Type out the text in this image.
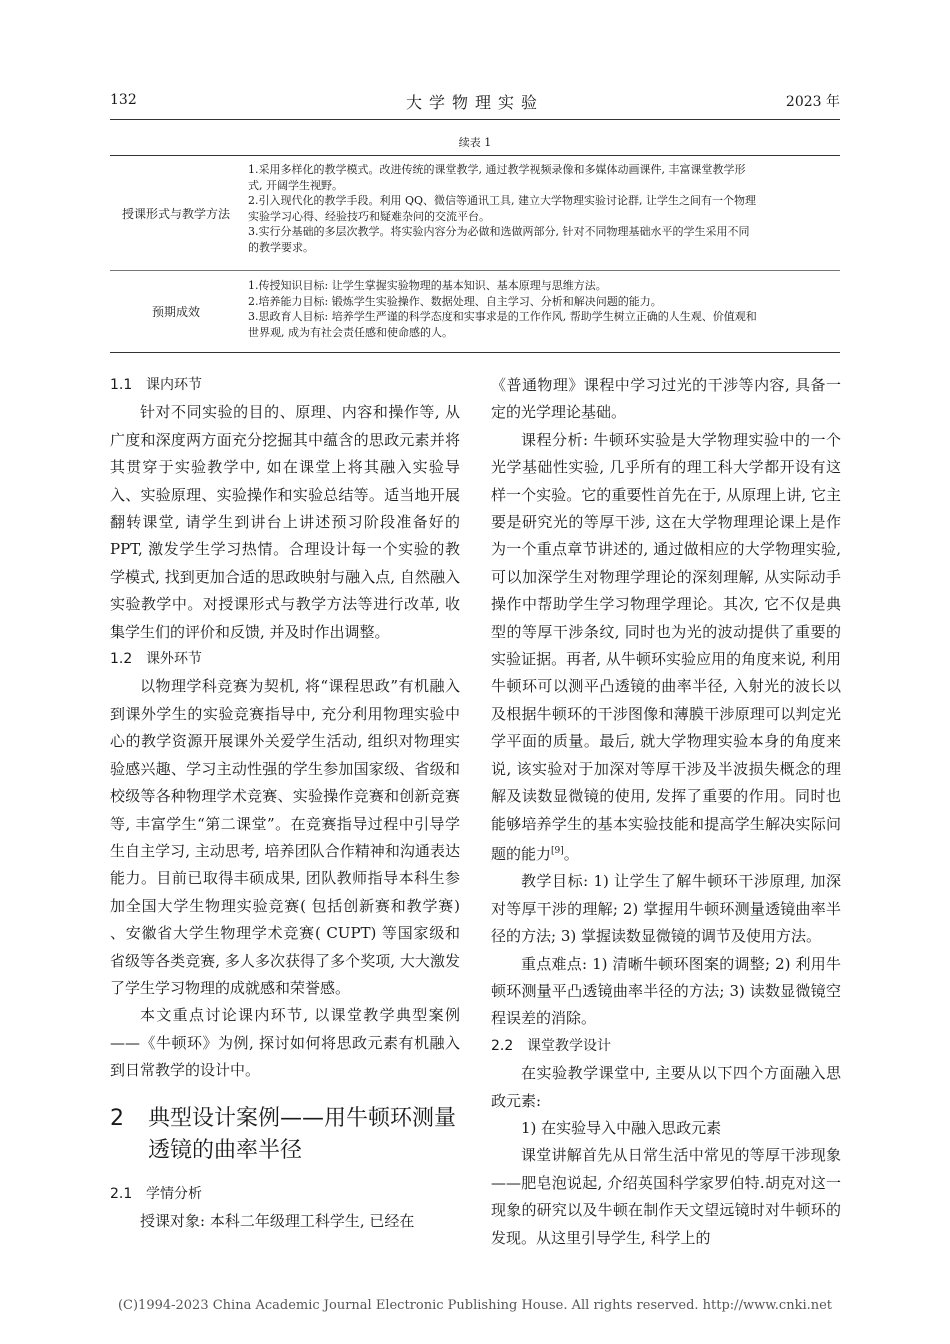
132	大学物理实验	2023 年
续表 1
授课形式与教学方法
1.采用多样化的教学模式。改进传统的课堂教学, 通过教学视频录像和多媒体动画课件, 丰富课堂教学形
式, 开阔学生视野。
2.引入现代化的教学手段。利用 QQ、微信等通讯工具, 建立大学物理实验讨论群, 让学生之间有一个物理
实验学习心得、经验技巧和疑难杂问的交流平台。
3.实行分基础的多层次教学。将实验内容分为必做和选做两部分, 针对不同物理基础水平的学生采用不同
的教学要求。
预期成效
1.传授知识目标: 让学生掌握实验物理的基本知识、基本原理与思维方法。
2.培养能力目标: 锻炼学生实验操作、数据处理、自主学习、分析和解决问题的能力。
3.思政育人目标: 培养学生严谨的科学态度和实事求是的工作作风, 帮助学生树立正确的人生观、价值观和
世界观, 成为有社会责任感和使命感的人。
1.1 课内环节

针对不同实验的目的、原理、内容和操作等, 从广度和深度两方面充分挖掘其中蕴含的思政元素并将其贯穿于实验教学中, 如在课堂上将其融入实验导入、实验原理、实验操作和实验总结等。适当地开展翻转课堂, 请学生到讲台上讲述预习阶段准备好的 PPT, 激发学生学习热情。合理设计每一个实验的教学模式, 找到更加合适的思政映射与融入点, 自然融入实验教学中。对授课形式与教学方法等进行改革, 收集学生们的评价和反馈, 并及时作出调整。

1.2 课外环节

以物理学科竞赛为契机, 将“课程思政”有机融入到课外学生的实验竞赛指导中, 充分利用物理实验中心的教学资源开展课外关爱学生活动, 组织对物理实验感兴趣、学习主动性强的学生参加国家级、省级和校级等各种物理学术竞赛、实验操作竞赛和创新竞赛等, 丰富学生“第二课堂”。在竞赛指导过程中引导学生自主学习, 主动思考, 培养团队合作精神和沟通表达能力。目前已取得丰硕成果, 团队教师指导本科生参加全国大学生物理实验竞赛( 包括创新赛和教学赛) 、安徽省大学生物理学术竞赛( CUPT) 等国家级和省级等各类竞赛, 多人多次获得了多个奖项, 大大激发了学生学习物理的成就感和荣誉感。

本文重点讨论课内环节, 以课堂教学典型案例——《牛顿环》为例, 探讨如何将思政元素有机融入到日常教学的设计中。

2	典型设计案例——用牛顿环测量透镜的曲率半径
2.1 学情分析

授课对象: 本科二年级理工科学生, 已经在

《普通物理》课程中学习过光的干涉等内容, 具备一定的光学理论基础。

课程分析: 牛顿环实验是大学物理实验中的一个光学基础性实验, 几乎所有的理工科大学都开设有这样一个实验。它的重要性首先在于, 从原理上讲, 它主要是研究光的等厚干涉, 这在大学物理理论课上是作为一个重点章节讲述的, 通过做相应的大学物理实验, 可以加深学生对物理学理论的深刻理解, 从实际动手操作中帮助学生学习物理学理论。其次, 它不仅是典型的等厚干涉条纹, 同时也为光的波动提供了重要的实验证据。再者, 从牛顿环实验应用的角度来说, 利用牛顿环可以测平凸透镜的曲率半径, 入射光的波长以及根据牛顿环的干涉图像和薄膜干涉原理可以判定光学平面的质量。最后, 就大学物理实验本身的角度来说, 该实验对于加深对等厚干涉及半波损失概念的理解及读数显微镜的使用, 发挥了重要的作用。同时也能够培养学生的基本实验技能和提高学生解决实际问题的能力[9]。

教学目标: 1) 让学生了解牛顿环干涉原理, 加深对等厚干涉的理解; 2) 掌握用牛顿环测量透镜曲率半径的方法; 3) 掌握读数显微镜的调节及使用方法。

重点难点: 1) 清晰牛顿环图案的调整; 2) 利用牛顿环测量平凸透镜曲率半径的方法; 3) 读数显微镜空程误差的消除。

2.2 课堂教学设计

在实验教学课堂中, 主要从以下四个方面融入思政元素:

1) 在实验导入中融入思政元素

课堂讲解首先从日常生活中常见的等厚干涉现象——肥皂泡说起, 介绍英国科学家罗伯特.胡克对这一现象的研究以及牛顿在制作天文望远镜时对牛顿环的发现。从这里引导学生, 科学上的

(C)1994-2023 China Academic Journal Electronic Publishing House. All rights reserved. http://www.cnki.net
